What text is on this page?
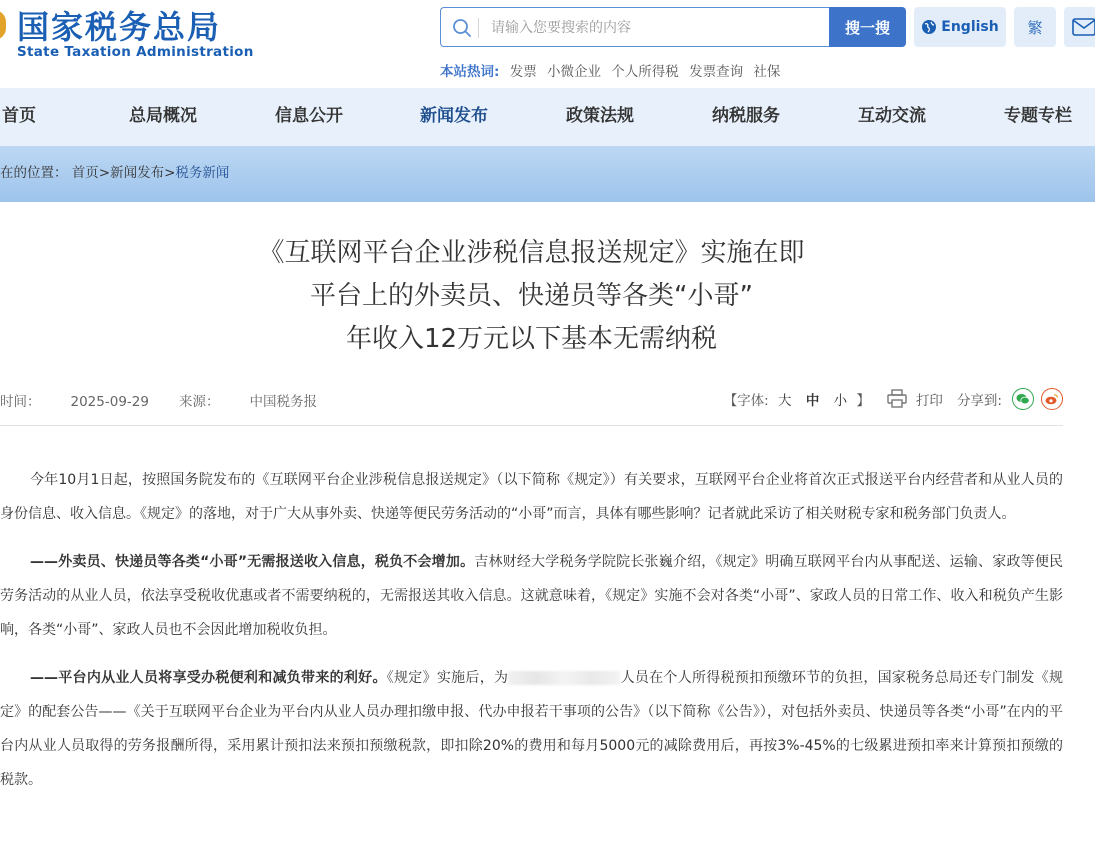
国家税务总局
State Taxation Administration
请输入您要搜索的内容
搜一搜	English	繁
本站热词: 发票 小微企业 个人所得税 发票查询 社保
首页	总局概况	信息公开	新闻发布	政策法规	纳税服务	互动交流	专题专栏
在的位置： 首页>新闻发布>税务新闻
《互联网平台企业涉税信息报送规定》实施在即
平台上的外卖员、快递员等各类“小哥”
年收入12万元以下基本无需纳税
时间： 2025-09-29 来源： 中国税务报	【字体: 大 中 小 】	打印 分享到:

今年10月1日起，按照国务院发布的《互联网平台企业涉税信息报送规定》（以下简称《规定》）有关要求，互联网平台企业将首次正式报送平台内经营者和从业人员的身份信息、收入信息。《规定》的落地，对于广大从事外卖、快递等便民劳务活动的“小哥”而言，具体有哪些影响？记者就此采访了相关财税专家和税务部门负责人。

——外卖员、快递员等各类“小哥”无需报送收入信息，税负不会增加。吉林财经大学税务学院院长张巍介绍，《规定》明确互联网平台内从事配送、运输、家政等便民劳务活动的从业人员，依法享受税收优惠或者不需要纳税的，无需报送其收入信息。这就意味着，《规定》实施不会对各类“小哥”、家政人员的日常工作、收入和税负产生影响，各类“小哥”、家政人员也不会因此增加税收负担。

——平台内从业人员将享受办税便利和减负带来的利好。《规定》实施后，为	人员在个人所得税预扣预缴环节的负担，国家税务总局还专门制发《规定》的配套公告——《关于互联网平台企业为平台内从业人员办理扣缴申报、代办申报若干事项的公告》（以下简称《公告》），对包括外卖员、快递员等各类“小哥”在内的平台内从业人员取得的劳务报酬所得，采用累计预扣法来预扣预缴税款，即扣除20%的费用和每月5000元的减除费用后，再按3%-45%的七级累进预扣率来计算预扣预缴的税款。
